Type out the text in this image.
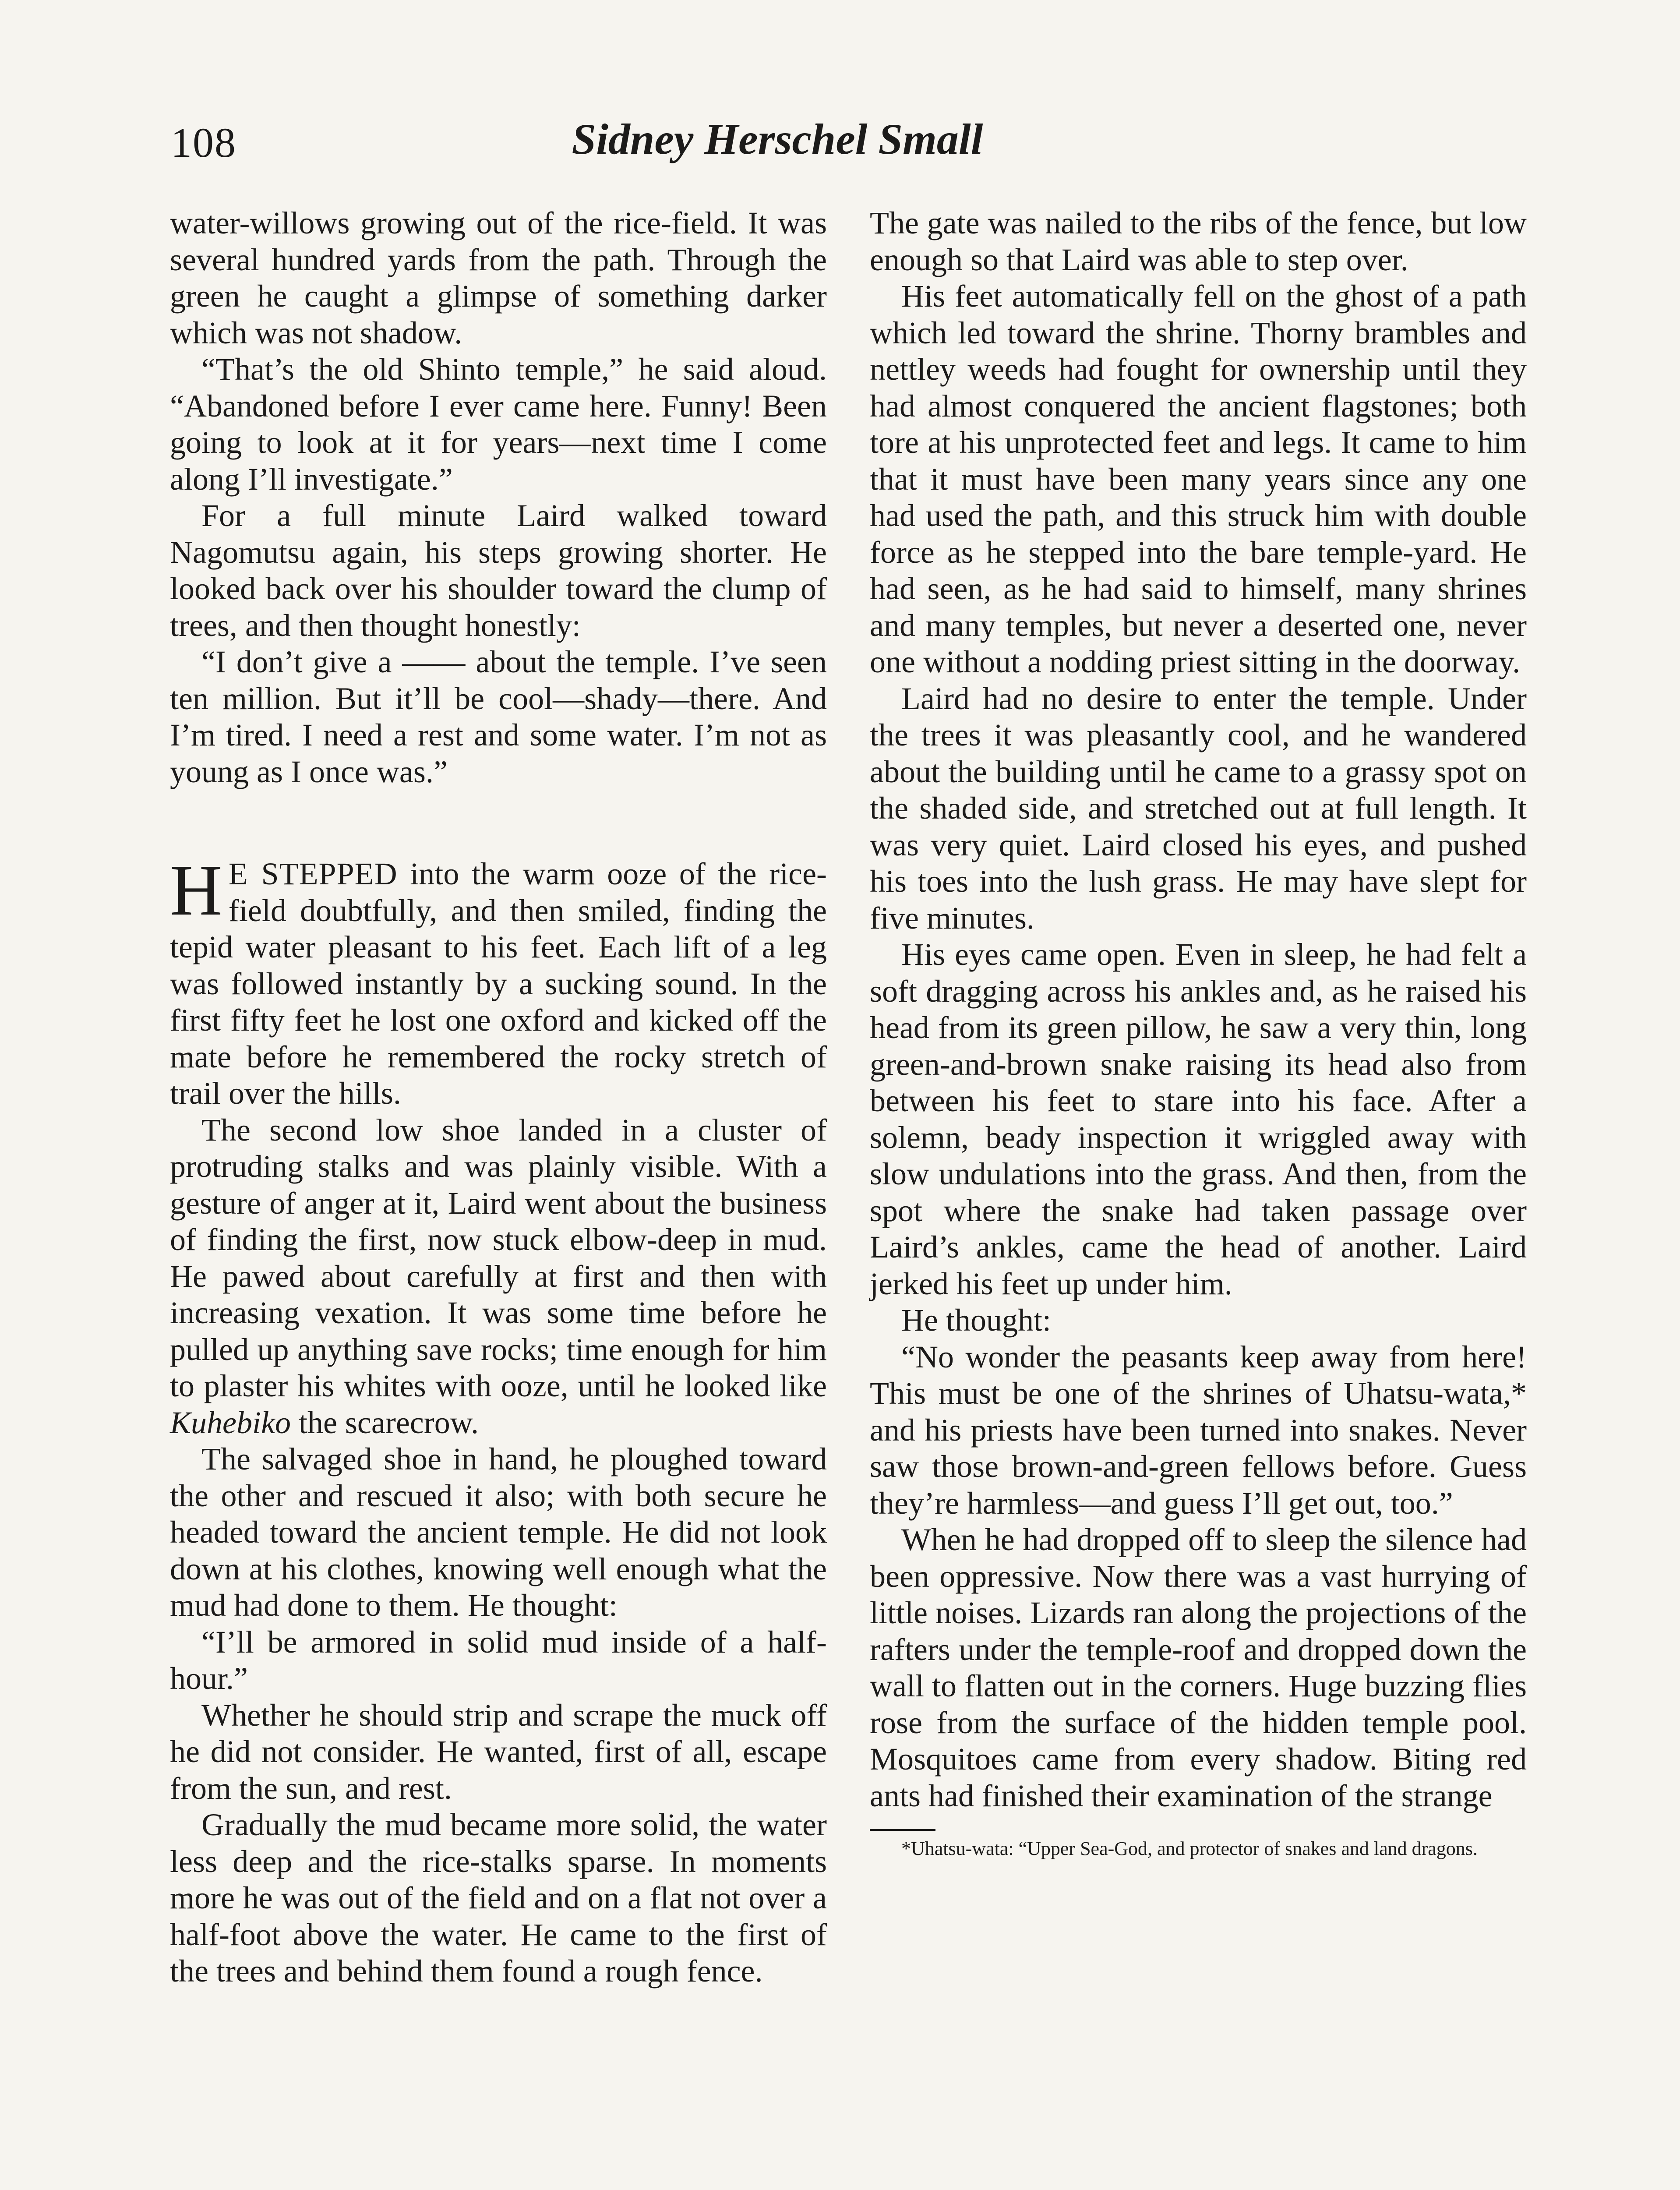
108	Sidney Herschel Small

water-willows growing out of the rice-field. It was several hundred yards from the path. Through the green he caught a glimpse of something darker which was not shadow.

“That’s the old Shinto temple,” he said aloud. “Abandoned before I ever came here. Funny! Been going to look at it for years—next time I come along I’ll investigate.”

For a full minute Laird walked toward Nagomutsu again, his steps growing shorter. He looked back over his shoulder toward the clump of trees, and then thought honestly:

“I don’t give a —— about the temple. I’ve seen ten million. But it’ll be cool—shady—there. And I’m tired. I need a rest and some water. I’m not as young as I once was.”

H E STEPPED into the warm ooze of the rice-field doubtfully, and then smiled, finding the tepid water pleasant to his feet. Each lift of a leg was followed instantly by a sucking sound. In the first fifty feet he lost one oxford and kicked off the mate before he remembered the rocky stretch of trail over the hills.

The second low shoe landed in a cluster of protruding stalks and was plainly visible. With a gesture of anger at it, Laird went about the business of finding the first, now stuck elbow-deep in mud. He pawed about carefully at first and then with increasing vexation. It was some time before he pulled up anything save rocks; time enough for him to plaster his whites with ooze, until he looked like Kuhebiko the scarecrow.

The salvaged shoe in hand, he ploughed toward the other and rescued it also; with both secure he headed toward the ancient temple. He did not look down at his clothes, knowing well enough what the mud had done to them. He thought:

“I’ll be armored in solid mud inside of a half-hour.”

Whether he should strip and scrape the muck off he did not consider. He wanted, first of all, escape from the sun, and rest.

Gradually the mud became more solid, the water less deep and the rice-stalks sparse. In moments more he was out of the field and on a flat not over a half-foot above the water. He came to the first of the trees and behind them found a rough fence.

The gate was nailed to the ribs of the fence, but low enough so that Laird was able to step over.

His feet automatically fell on the ghost of a path which led toward the shrine. Thorny brambles and nettley weeds had fought for ownership until they had almost conquered the ancient flagstones; both tore at his unprotected feet and legs. It came to him that it must have been many years since any one had used the path, and this struck him with double force as he stepped into the bare temple-yard. He had seen, as he had said to himself, many shrines and many temples, but never a deserted one, never one without a nodding priest sitting in the doorway.

Laird had no desire to enter the temple. Under the trees it was pleasantly cool, and he wandered about the building until he came to a grassy spot on the shaded side, and stretched out at full length. It was very quiet. Laird closed his eyes, and pushed his toes into the lush grass. He may have slept for five minutes.

His eyes came open. Even in sleep, he had felt a soft dragging across his ankles and, as he raised his head from its green pillow, he saw a very thin, long green-and-brown snake raising its head also from between his feet to stare into his face. After a solemn, beady inspection it wriggled away with slow undulations into the grass. And then, from the spot where the snake had taken passage over Laird’s ankles, came the head of another. Laird jerked his feet up under him.

He thought:

“No wonder the peasants keep away from here! This must be one of the shrines of Uhatsu-wata,* and his priests have been turned into snakes. Never saw those brown-and-green fellows before. Guess they’re harmless—and guess I’ll get out, too.”

When he had dropped off to sleep the silence had been oppressive. Now there was a vast hurrying of little noises. Lizards ran along the projections of the rafters under the temple-roof and dropped down the wall to flatten out in the corners. Huge buzzing flies rose from the surface of the hidden temple pool. Mosquitoes came from every shadow. Biting red ants had finished their examination of the strange

*Uhatsu-wata: “Upper Sea-God, and protector of snakes and land dragons.
